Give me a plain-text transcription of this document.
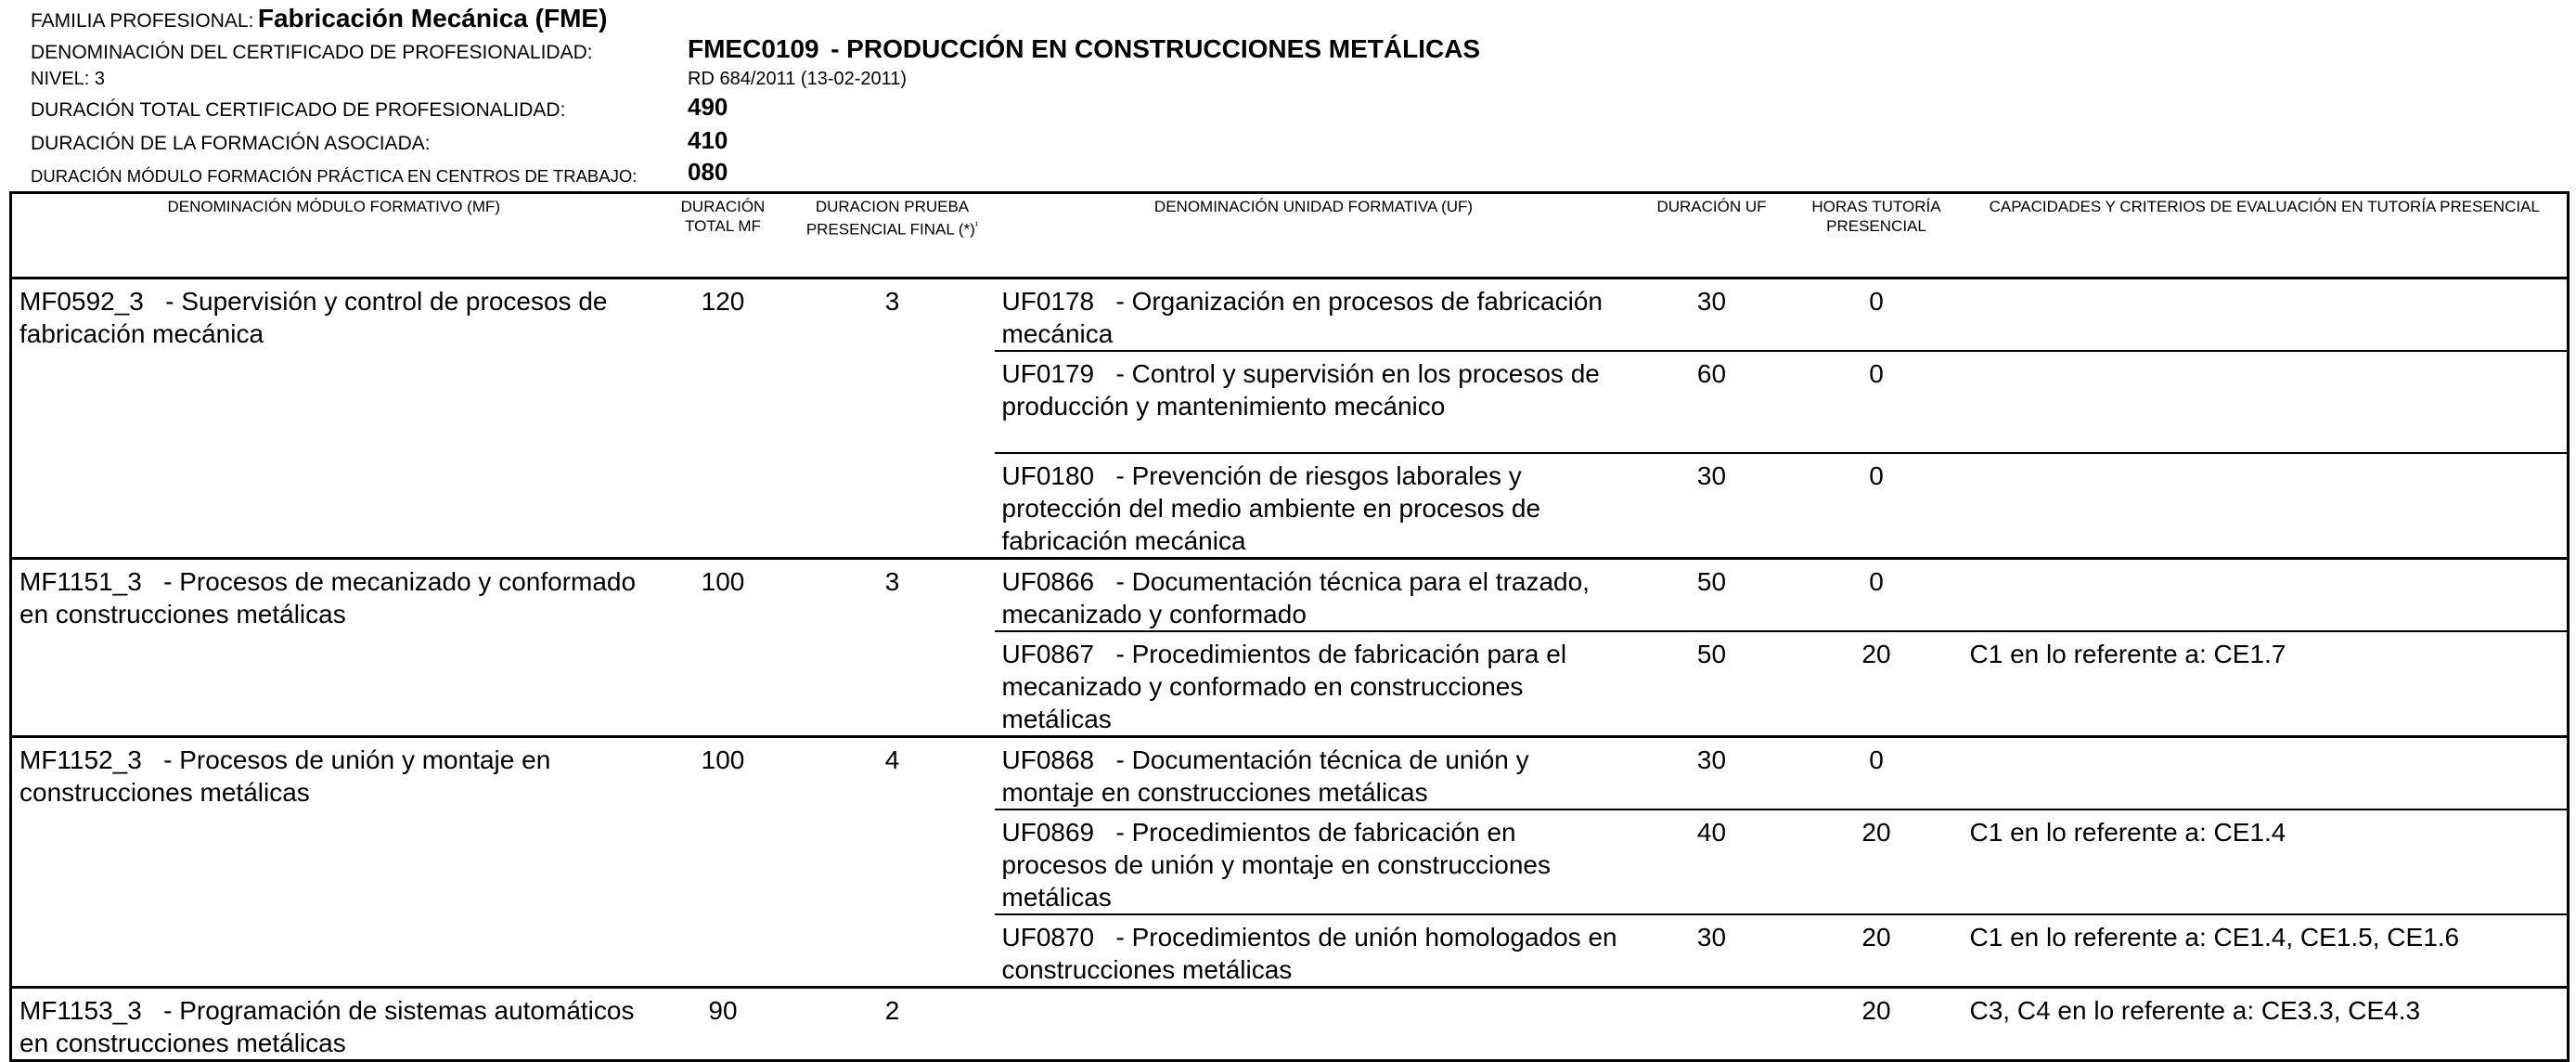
FAMILIA PROFESIONAL: Fabricación Mecánica (FME)
DENOMINACIÓN DEL CERTIFICADO DE PROFESIONALIDAD:	FMEC0109 - PRODUCCIÓN EN CONSTRUCCIONES METÁLICAS
NIVEL: 3	RD 684/2011 (13-02-2011)
DURACIÓN TOTAL CERTIFICADO DE PROFESIONALIDAD:	490
DURACIÓN DE LA FORMACIÓN ASOCIADA:	410
DURACIÓN MÓDULO FORMACIÓN PRÁCTICA EN CENTROS DE TRABAJO: 080
DENOMINACIÓN MÓDULO FORMATIVO (MF)	DURACIÓN TOTAL MF	DURACION PRUEBA PRESENCIAL FINAL $(*)^{^1}$	DENOMINACIÓN UNIDAD FORMATIVA (UF)	DURACIÓN UF	HORAS TUTORÍA PRESENCIAL	CAPACIDADES Y CRITERIOS DE EVALUACIÓN EN TUTORÍA PRESENCIAL
MF0592_3 - Supervisión y control de procesos de fabricación mecánica	120	3	UF0178 - Organización en procesos de fabricación mecánica	30	0	
			UF0179 - Control y supervisión en los procesos de producción y mantenimiento mecánico	60	0	
			UF0180 - Prevención de riesgos laborales y protección del medio ambiente en procesos de fabricación mecánica	30	0	
MF1151_3 - Procesos de mecanizado y conformado en construcciones metálicas	100	3	UF0866 - Documentación técnica para el trazado, mecanizado y conformado	50	0	
			UF0867 - Procedimientos de fabricación para el mecanizado y conformado en construcciones metálicas	50	20	C1 en lo referente a: CE1.7
MF1152_3 - Procesos de unión y montaje en construcciones metálicas	100	4	UF0868 - Documentación técnica de unión y montaje en construcciones metálicas	30	0	
			UF0869 - Procedimientos de fabricación en procesos de unión y montaje en construcciones metálicas	40	20	C1 en lo referente a: CE1.4
			UF0870 - Procedimientos de unión homologados en construcciones metálicas	30	20	C1 en lo referente a: CE1.4, CE1.5, CE1.6
MF1153_3 - Programación de sistemas automáticos en construcciones metálicas	90	2			20	C3, C4 en lo referente a: CE3.3, CE4.3
